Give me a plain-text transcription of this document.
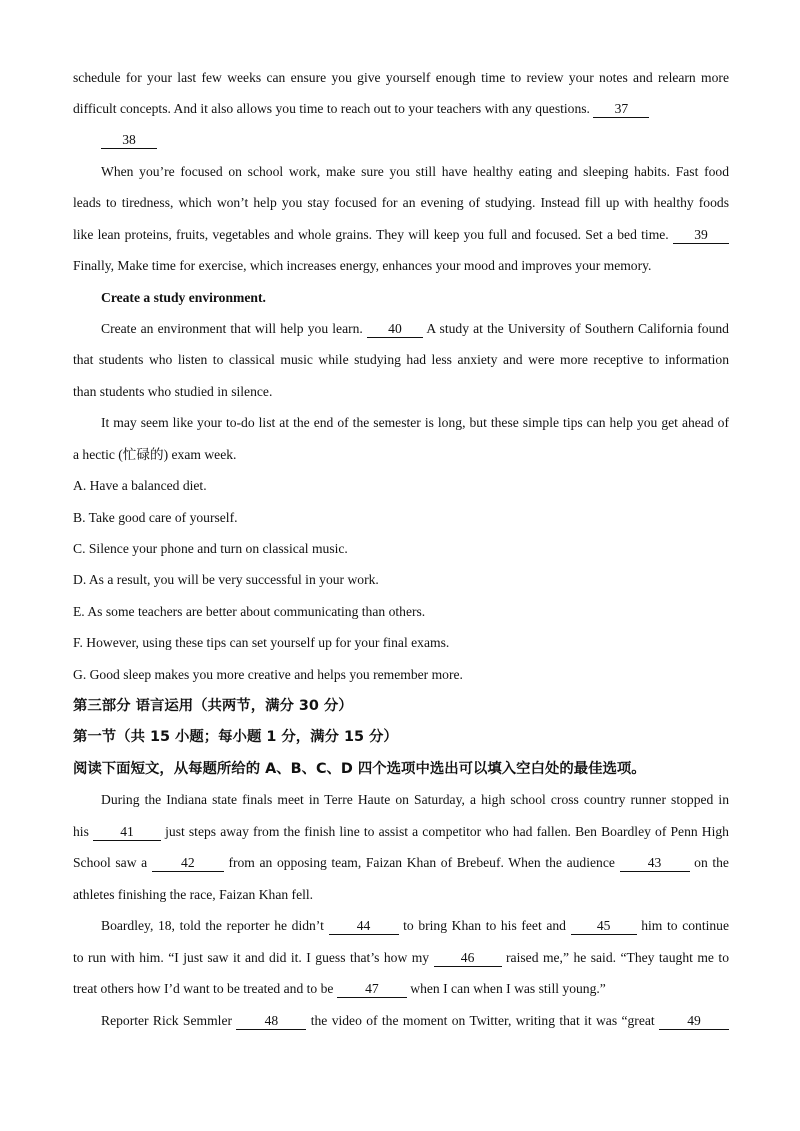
schedule for your last few weeks can ensure you give yourself enough time to review your notes and relearn more
difficult concepts. And it also allows you time to reach out to your teachers with any questions. 37
38
When you’re focused on school work, make sure you still have healthy eating and sleeping habits. Fast food
leads to tiredness, which won’t help you stay focused for an evening of studying. Instead fill up with healthy foods
like lean proteins, fruits, vegetables and whole grains. They will keep you full and focused. Set a bed time. 39
Finally, Make time for exercise, which increases energy, enhances your mood and improves your memory.
Create a study environment.
Create an environment that will help you learn. 40 A study at the University of Southern California found
that students who listen to classical music while studying had less anxiety and were more receptive to information
than students who studied in silence.
It may seem like your to-do list at the end of the semester is long, but these simple tips can help you get ahead of
a hectic (忙碌的) exam week.
A. Have a balanced diet.
B. Take good care of yourself.
C. Silence your phone and turn on classical music.
D. As a result, you will be very successful in your work.
E. As some teachers are better about communicating than others.
F. However, using these tips can set yourself up for your final exams.
G. Good sleep makes you more creative and helps you remember more.
第三部分 语言运用（共两节，满分 30 分）
第一节（共 15 小题；每小题 1 分，满分 15 分）
阅读下面短文，从每题所给的 A、B、C、D 四个选项中选出可以填入空白处的最佳选项。
During the Indiana state finals meet in Terre Haute on Saturday, a high school cross country runner stopped in
his 41 just steps away from the finish line to assist a competitor who had fallen. Ben Boardley of Penn High
School saw a 42 from an opposing team, Faizan Khan of Brebeuf. When the audience 43 on the
athletes finishing the race, Faizan Khan fell.
Boardley, 18, told the reporter he didn’t 44 to bring Khan to his feet and 45 him to continue
to run with him. “I just saw it and did it. I guess that’s how my 46 raised me,” he said. “They taught me to
treat others how I’d want to be treated and to be 47 when I can when I was still young.”
Reporter Rick Semmler 48 the video of the moment on Twitter, writing that it was “great 49
